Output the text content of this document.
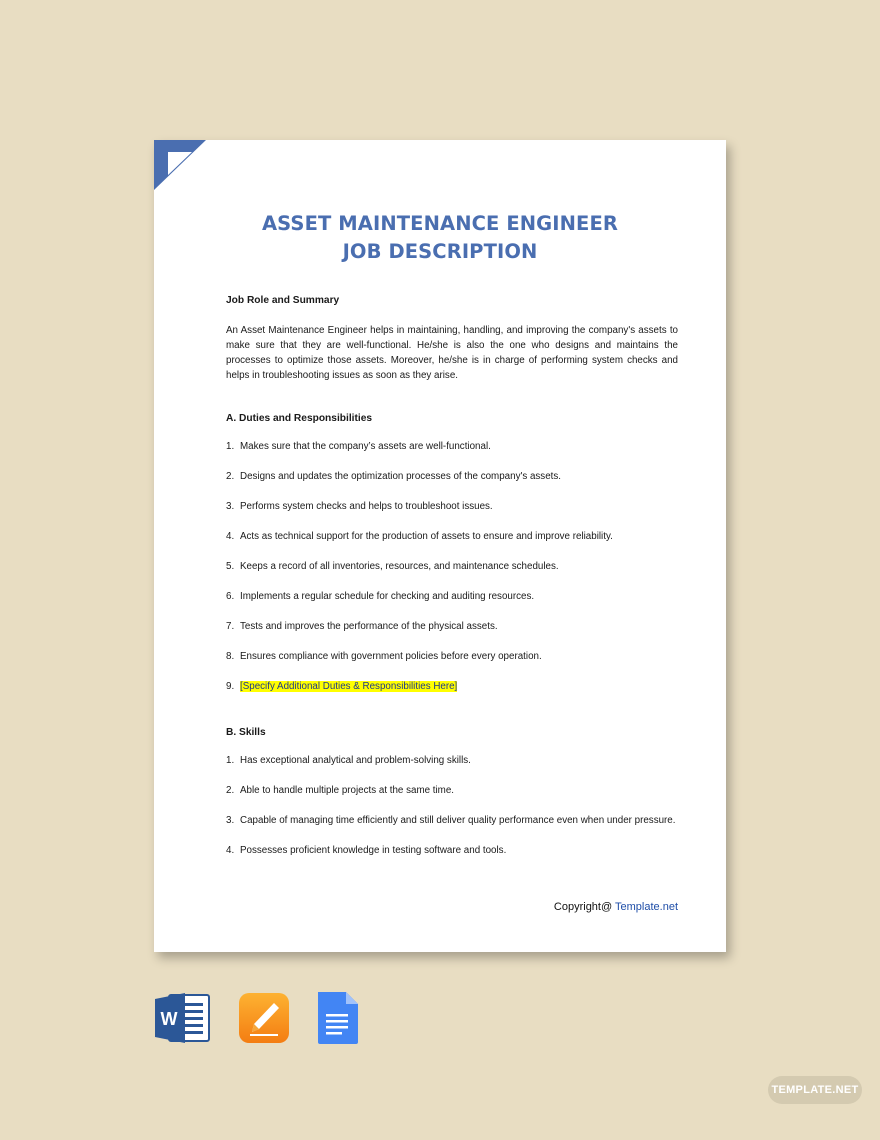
ASSET MAINTENANCE ENGINEER
JOB DESCRIPTION
Job Role and Summary
An Asset Maintenance Engineer helps in maintaining, handling, and improving the company's assets to make sure that they are well-functional. He/she is also the one who designs and maintains the processes to optimize those assets. Moreover, he/she is in charge of performing system checks and helps in troubleshooting issues as soon as they arise.
A. Duties and Responsibilities
1. Makes sure that the company’s assets are well-functional.
2. Designs and updates the optimization processes of the company's assets.
3. Performs system checks and helps to troubleshoot issues.
4. Acts as technical support for the production of assets to ensure and improve reliability.
5. Keeps a record of all inventories, resources, and maintenance schedules.
6. Implements a regular schedule for checking and auditing resources.
7. Tests and improves the performance of the physical assets.
8. Ensures compliance with government policies before every operation.
9. [Specify Additional Duties & Responsibilities Here]
B. Skills
1. Has exceptional analytical and problem-solving skills.
2. Able to handle multiple projects at the same time.
3. Capable of managing time efficiently and still deliver quality performance even when under pressure.
4. Possesses proficient knowledge in testing software and tools.
Copyright@ Template.net
W
TEMPLATE.NET
